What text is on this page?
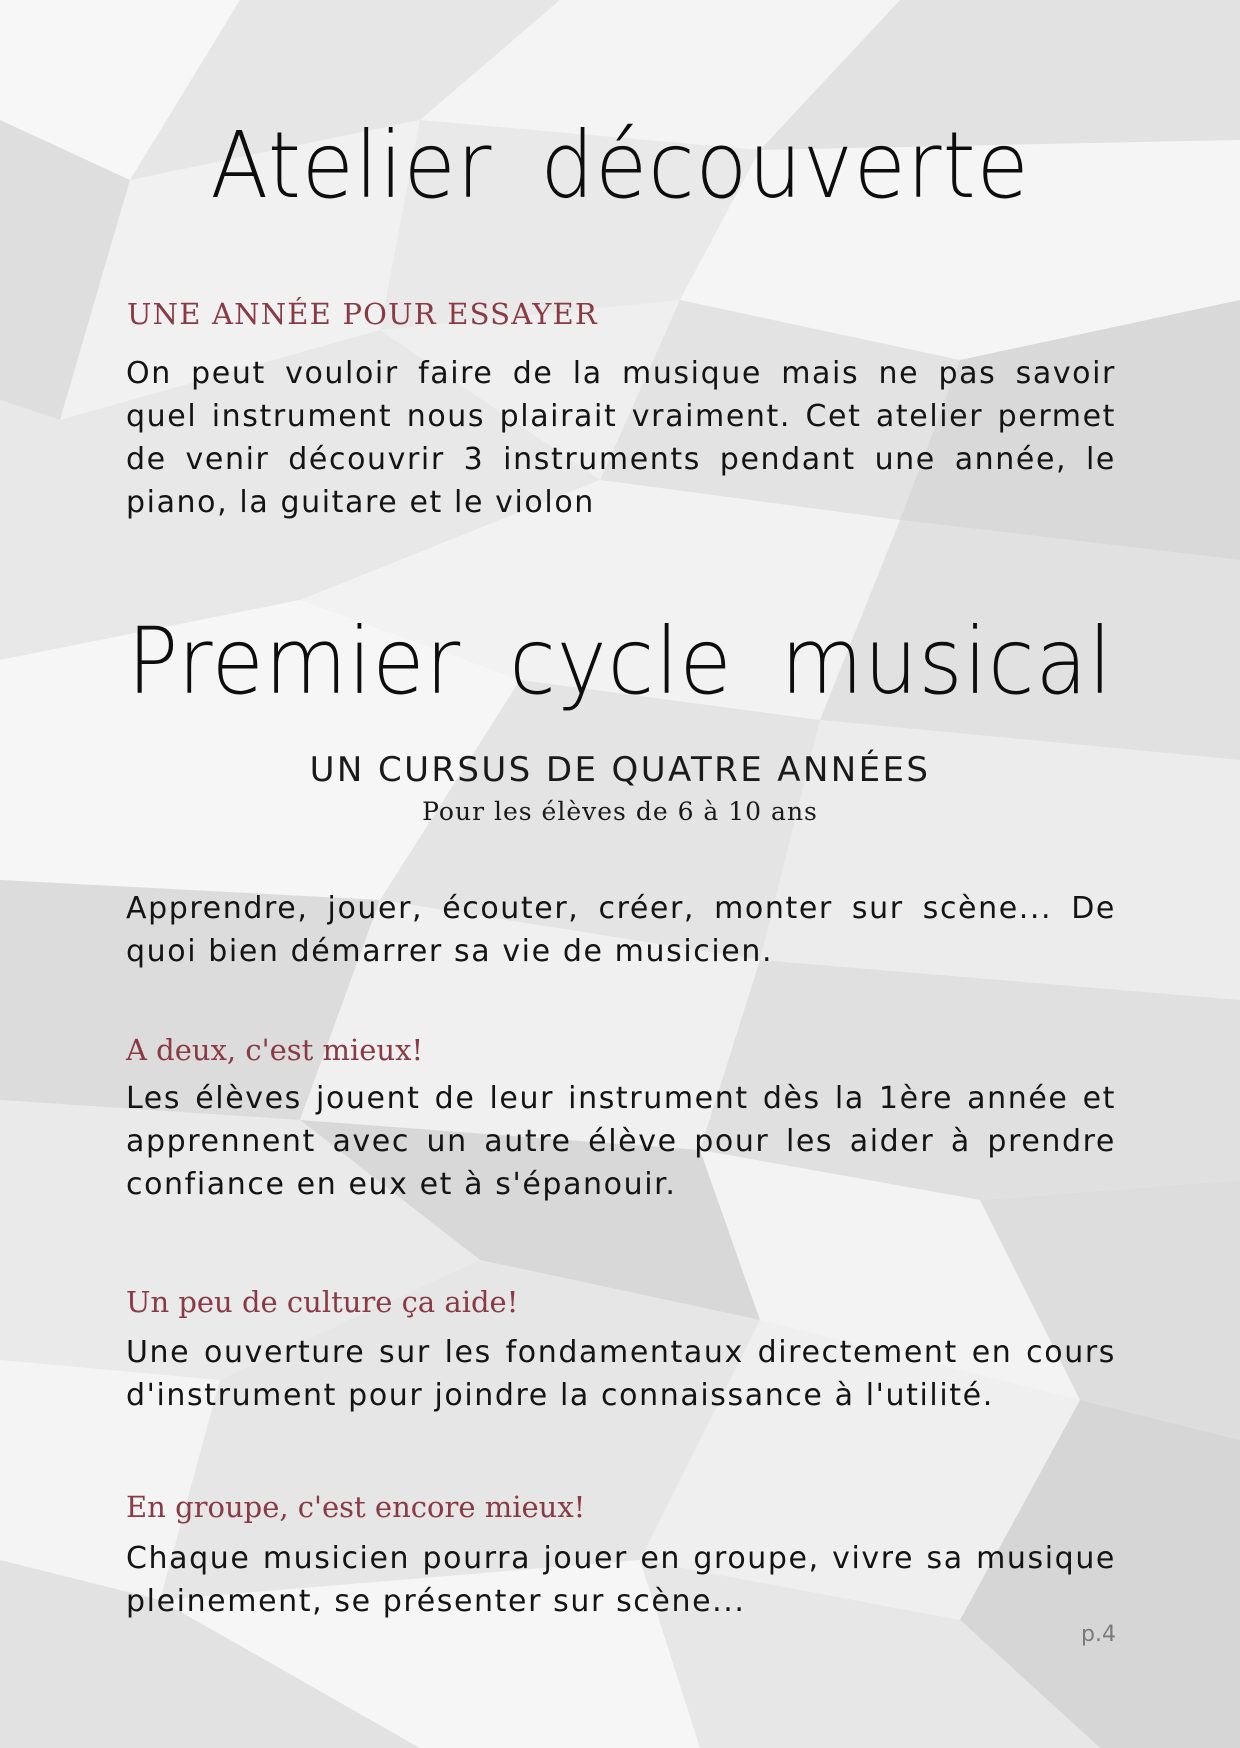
Atelier découverte
UNE ANNÉE POUR ESSAYER
On peut vouloir faire de la musique mais ne pas savoir quel instrument nous plairait vraiment. Cet atelier permet de venir découvrir 3 instruments pendant une année, le piano, la guitare et le violon
Premier cycle musical
UN CURSUS DE QUATRE ANNÉES
Pour les élèves de 6 à 10 ans
Apprendre, jouer, écouter, créer, monter sur scène... De quoi bien démarrer sa vie de musicien.
A deux, c'est mieux!
Les élèves jouent de leur instrument dès la 1ère année et apprennent avec un autre élève pour les aider à prendre confiance en eux et à s'épanouir.
Un peu de culture ça aide!
Une ouverture sur les fondamentaux directement en cours d'instrument pour joindre la connaissance à l'utilité.
En groupe, c'est encore mieux!
Chaque musicien pourra jouer en groupe, vivre sa musique pleinement, se présenter sur scène...
p.4
